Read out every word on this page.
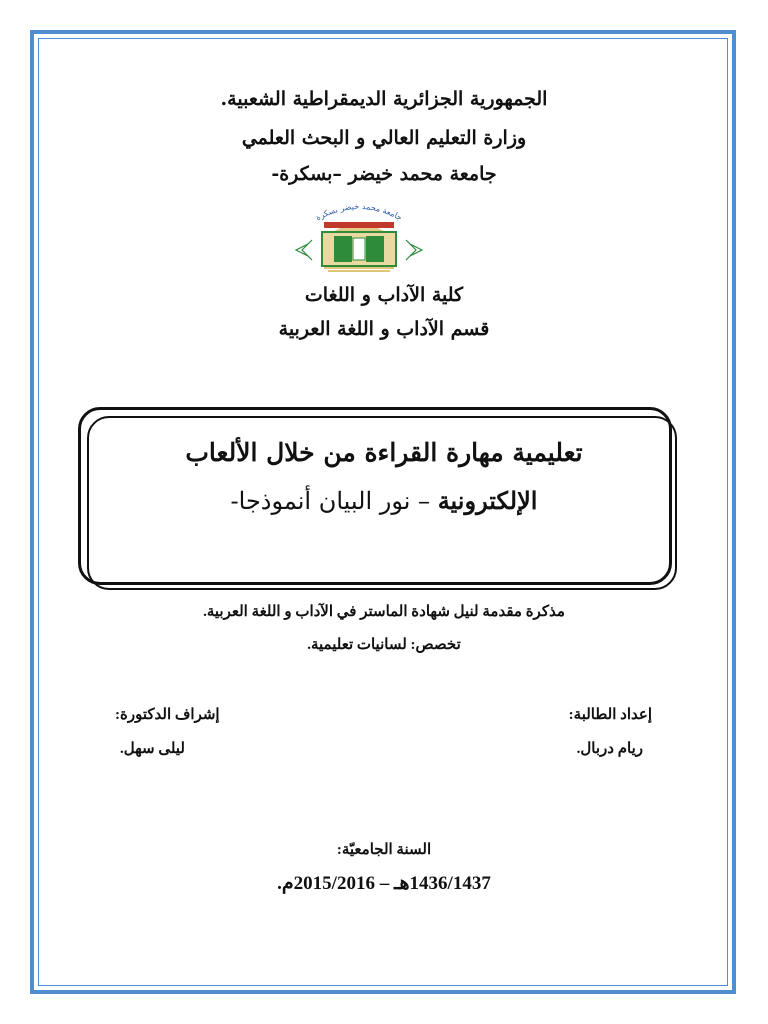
الجمهورية الجزائرية الديمقراطية الشعبية.
وزارة التعليم العالي و البحث العلمي
جامعة محمد خيضر –بسكرة-
جامعة محمد خيضر بسكرة
كلية الآداب و اللغات
قسم الآداب و اللغة العربية
تعليمية مهارة القراءة من خلال الألعاب
الإلكترونية – نور البيان أنموذجا-
مذكرة مقدمة لنيل شهادة الماستر في الآداب و اللغة العربية.
تخصص: لسانيات تعليمية.
إعداد الطالبة:
ريام دربال.
إشراف الدكتورة:
ليلى سهل.
السنة الجامعيّة:
1436/1437هـ – 2015/2016م.
